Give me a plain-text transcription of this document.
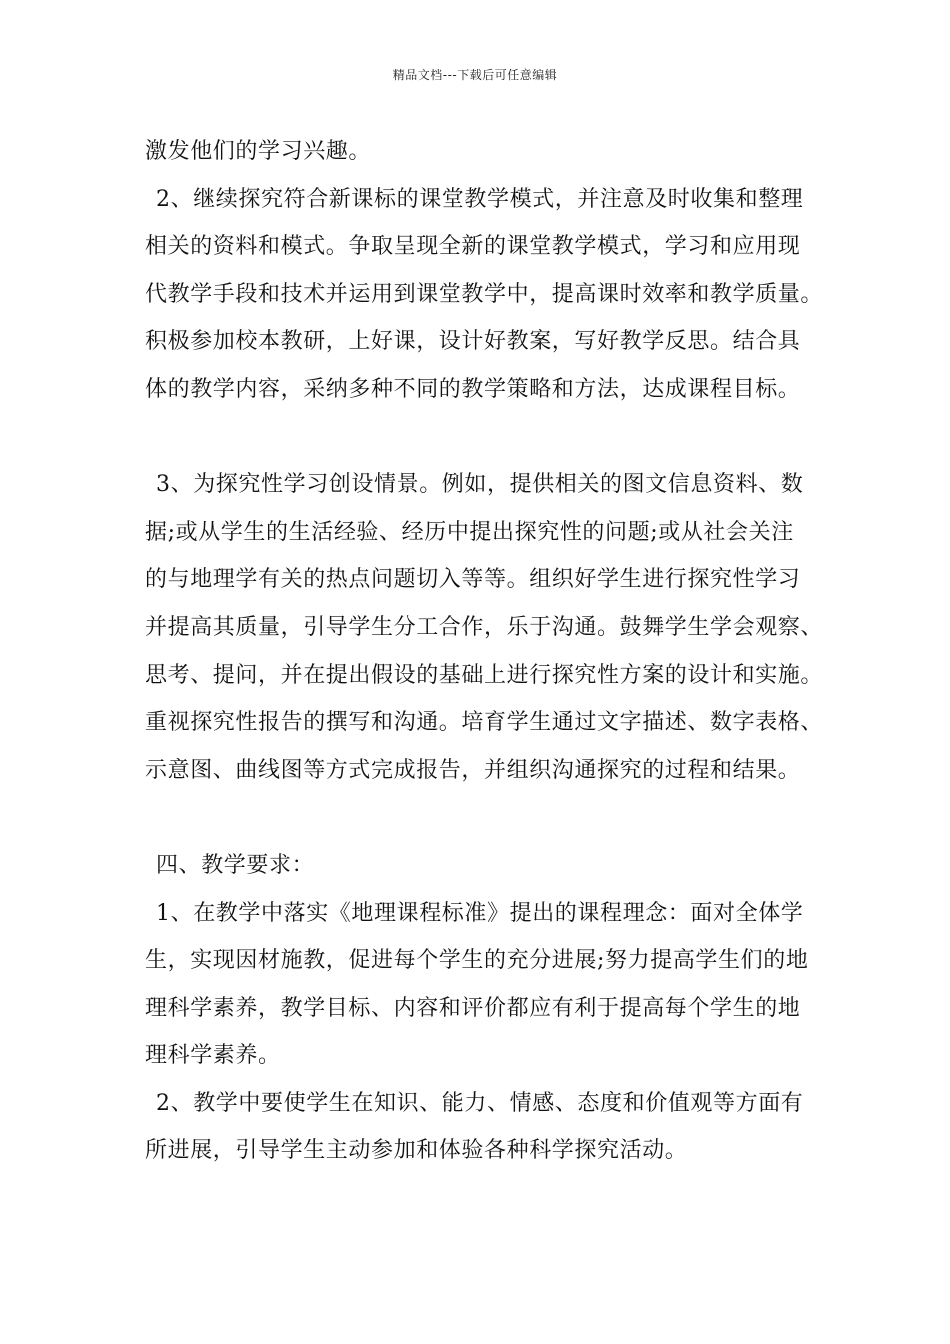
精品文档---下载后可任意编辑
激发他们的学习兴趣。
2、继续探究符合新课标的课堂教学模式，并注意及时收集和整理
相关的资料和模式。争取呈现全新的课堂教学模式，学习和应用现
代教学手段和技术并运用到课堂教学中，提高课时效率和教学质量。
积极参加校本教研，上好课，设计好教案，写好教学反思。结合具
体的教学内容，采纳多种不同的教学策略和方法，达成课程目标。
3、为探究性学习创设情景。例如，提供相关的图文信息资料、数
据;或从学生的生活经验、经历中提出探究性的问题;或从社会关注
的与地理学有关的热点问题切入等等。组织好学生进行探究性学习
并提高其质量，引导学生分工合作，乐于沟通。鼓舞学生学会观察、
思考、提问，并在提出假设的基础上进行探究性方案的设计和实施。
重视探究性报告的撰写和沟通。培育学生通过文字描述、数字表格、
示意图、曲线图等方式完成报告，并组织沟通探究的过程和结果。
四、教学要求：
1、在教学中落实《地理课程标准》提出的课程理念：面对全体学
生，实现因材施教，促进每个学生的充分进展;努力提高学生们的地
理科学素养，教学目标、内容和评价都应有利于提高每个学生的地
理科学素养。
2、教学中要使学生在知识、能力、情感、态度和价值观等方面有
所进展，引导学生主动参加和体验各种科学探究活动。
